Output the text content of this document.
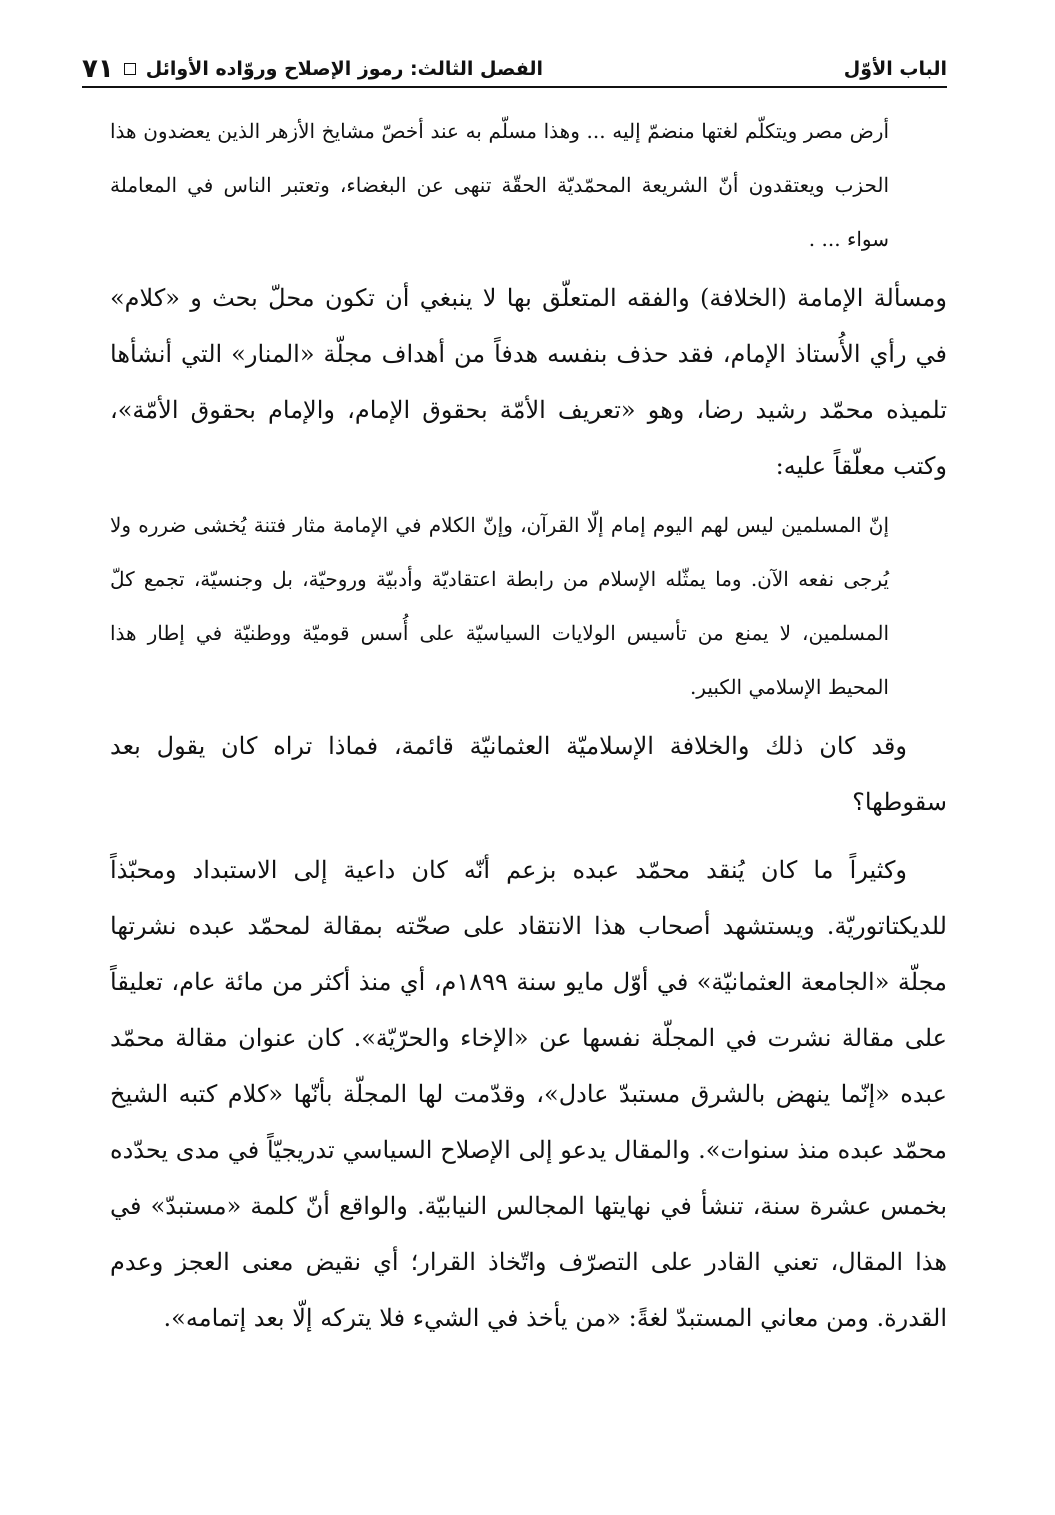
الباب الأوّل
الفصل الثالث: رموز الإصلاح وروّاده الأوائل
٧١

أرض مصر ويتكلّم لغتها منضمّ إليه ... وهذا مسلّم به عند أخصّ مشايخ الأزهر الذين يعضدون هذا الحزب ويعتقدون أنّ الشريعة المحمّديّة الحقّة تنهى عن البغضاء، وتعتبر الناس في المعاملة سواء ... .

ومسألة الإمامة (الخلافة) والفقه المتعلّق بها لا ينبغي أن تكون محلّ بحث و «كلام» في رأي الأُستاذ الإمام، فقد حذف بنفسه هدفاً من أهداف مجلّة «المنار» التي أنشأها تلميذه محمّد رشيد رضا، وهو «تعريف الأمّة بحقوق الإمام، والإمام بحقوق الأمّة»، وكتب معلّقاً عليه:

إنّ المسلمين ليس لهم اليوم إمام إلّا القرآن، وإنّ الكلام في الإمامة مثار فتنة يُخشى ضرره ولا يُرجى نفعه الآن. وما يمثّله الإسلام من رابطة اعتقاديّة وأدبيّة وروحيّة، بل وجنسيّة، تجمع كلّ المسلمين، لا يمنع من تأسيس الولايات السياسيّة على أُسس قوميّة ووطنيّة في إطار هذا المحيط الإسلامي الكبير.

وقد كان ذلك والخلافة الإسلاميّة العثمانيّة قائمة، فماذا تراه كان يقول بعد سقوطها؟

وكثيراً ما كان يُنقد محمّد عبده بزعم أنّه كان داعية إلى الاستبداد ومحبّذاً للديكتاتوريّة. ويستشهد أصحاب هذا الانتقاد على صحّته بمقالة لمحمّد عبده نشرتها مجلّة «الجامعة العثمانيّة» في أوّل مايو سنة ١٨٩٩م، أي منذ أكثر من مائة عام، تعليقاً على مقالة نشرت في المجلّة نفسها عن «الإخاء والحرّيّة». كان عنوان مقالة محمّد عبده «إنّما ينهض بالشرق مستبدّ عادل»، وقدّمت لها المجلّة بأنّها «كلام كتبه الشيخ محمّد عبده منذ سنوات». والمقال يدعو إلى الإصلاح السياسي تدريجيّاً في مدى يحدّده بخمس عشرة سنة، تنشأ في نهايتها المجالس النيابيّة. والواقع أنّ كلمة «مستبدّ» في هذا المقال، تعني القادر على التصرّف واتّخاذ القرار؛ أي نقيض معنى العجز وعدم القدرة. ومن معاني المستبدّ لغةً: «من يأخذ في الشيء فلا يتركه إلّا بعد إتمامه».
